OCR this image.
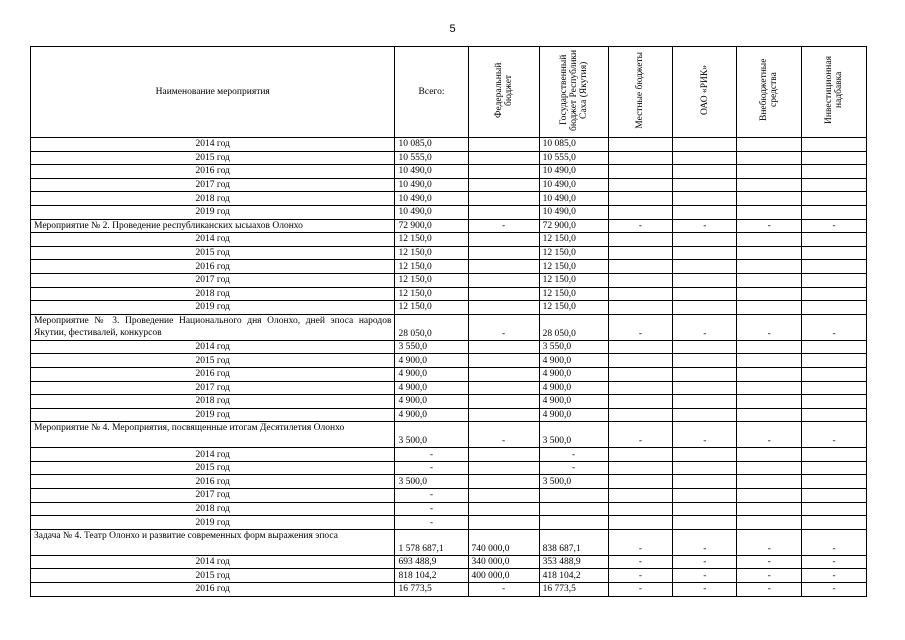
5
Наименование мероприятия	Всего:	Федеральный бюджет	Государственный бюджет Республики Саха (Якутия)	Местные бюджеты	ОАО «РИК»	Внебюджетные средства	Инвестиционная надбавка
2014 год	10 085,0		10 085,0				
2015 год	10 555,0		10 555,0				
2016 год	10 490,0		10 490,0				
2017 год	10 490,0		10 490,0				
2018 год	10 490,0		10 490,0				
2019 год	10 490,0		10 490,0				
Мероприятие № 2. Проведение республиканских ысыахов Олонхо	72 900,0	-	72 900,0	-	-	-	-
2014 год	12 150,0		12 150,0				
2015 год	12 150,0		12 150,0				
2016 год	12 150,0		12 150,0				
2017 год	12 150,0		12 150,0				
2018 год	12 150,0		12 150,0				
2019 год	12 150,0		12 150,0				
Мероприятие № 3. Проведение Национального дня Олонхо, дней эпоса народов Якутии, фестивалей, конкурсов	28 050,0	-	28 050,0	-	-	-	-
2014 год	3 550,0		3 550,0				
2015 год	4 900,0		4 900,0				
2016 год	4 900,0		4 900,0				
2017 год	4 900,0		4 900,0				
2018 год	4 900,0		4 900,0				
2019 год	4 900,0		4 900,0				
Мероприятие № 4. Мероприятия, посвященные итогам Десятилетия Олонхо	3 500,0	-	3 500,0	-	-	-	-
2014 год	-		-				
2015 год	-		-				
2016 год	3 500,0		3 500,0				
2017 год	-						
2018 год	-						
2019 год	-						
Задача № 4. Театр Олонхо и развитие современных форм выражения эпоса	1 578 687,1	740 000,0	838 687,1	-	-	-	-
2014 год	693 488,9	340 000,0	353 488,9	-	-	-	-
2015 год	818 104,2	400 000,0	418 104,2	-	-	-	-
2016 год	16 773,5	-	16 773,5	-	-	-	-
